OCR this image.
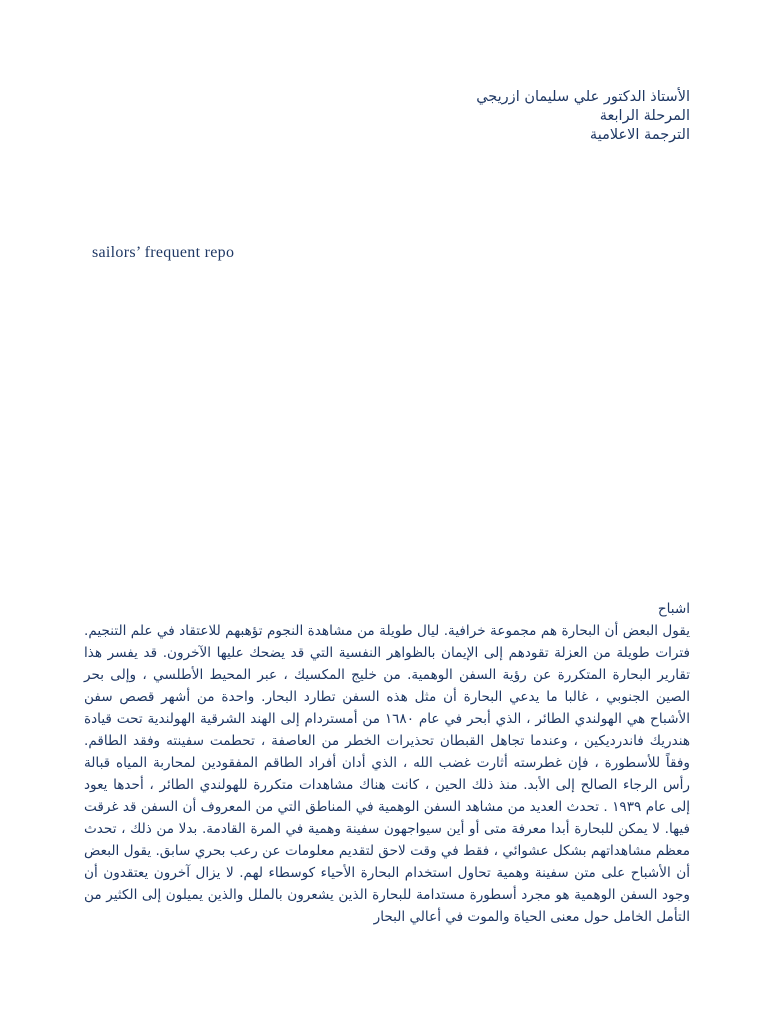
الأستاذ الدكتور علي سليمان ازريجي
المرحلة الرابعة
الترجمة الاعلامية
sailors’ frequent repo
اشباح

يقول البعض أن البحارة هم مجموعة خرافية. ليال طويلة من مشاهدة النجوم تؤهبهم للاعتقاد في علم التنجيم. فترات طويلة من العزلة تقودهم إلى الإيمان بالظواهر النفسية التي قد يضحك عليها الآخرون. قد يفسر هذا تقارير البحارة المتكررة عن رؤية السفن الوهمية. من خليج المكسيك ، عبر المحيط الأطلسي ، وإلى بحر الصين الجنوبي ، غالبا ما يدعي البحارة أن مثل هذه السفن تطارد البحار. واحدة من أشهر قصص سفن الأشباح هي الهولندي الطائر ، الذي أبحر في عام ١٦٨٠ من أمستردام إلى الهند الشرقية الهولندية تحت قيادة هندريك فاندرديكين ، وعندما تجاهل القبطان تحذيرات الخطر من العاصفة ، تحطمت سفينته وفقد الطاقم. وفقاً للأسطورة ، فإن غطرسته أثارت غضب الله ، الذي أدان أفراد الطاقم المفقودين لمحاربة المياه قبالة رأس الرجاء الصالح إلى الأبد. منذ ذلك الحين ، كانت هناك مشاهدات متكررة للهولندي الطائر ، أحدها يعود إلى عام ١٩٣٩ . تحدث العديد من مشاهد السفن الوهمية في المناطق التي من المعروف أن السفن قد غرقت فيها. لا يمكن للبحارة أبدا معرفة متى أو أين سيواجهون سفينة وهمية في المرة القادمة. بدلا من ذلك ، تحدث معظم مشاهداتهم بشكل عشوائي ، فقط في وقت لاحق لتقديم معلومات عن رعب بحري سابق. يقول البعض أن الأشباح على متن سفينة وهمية تحاول استخدام البحارة الأحياء كوسطاء لهم. لا يزال آخرون يعتقدون أن وجود السفن الوهمية هو مجرد أسطورة مستدامة للبحارة الذين يشعرون بالملل والذين يميلون إلى الكثير من التأمل الخامل حول معنى الحياة والموت في أعالي البحار
